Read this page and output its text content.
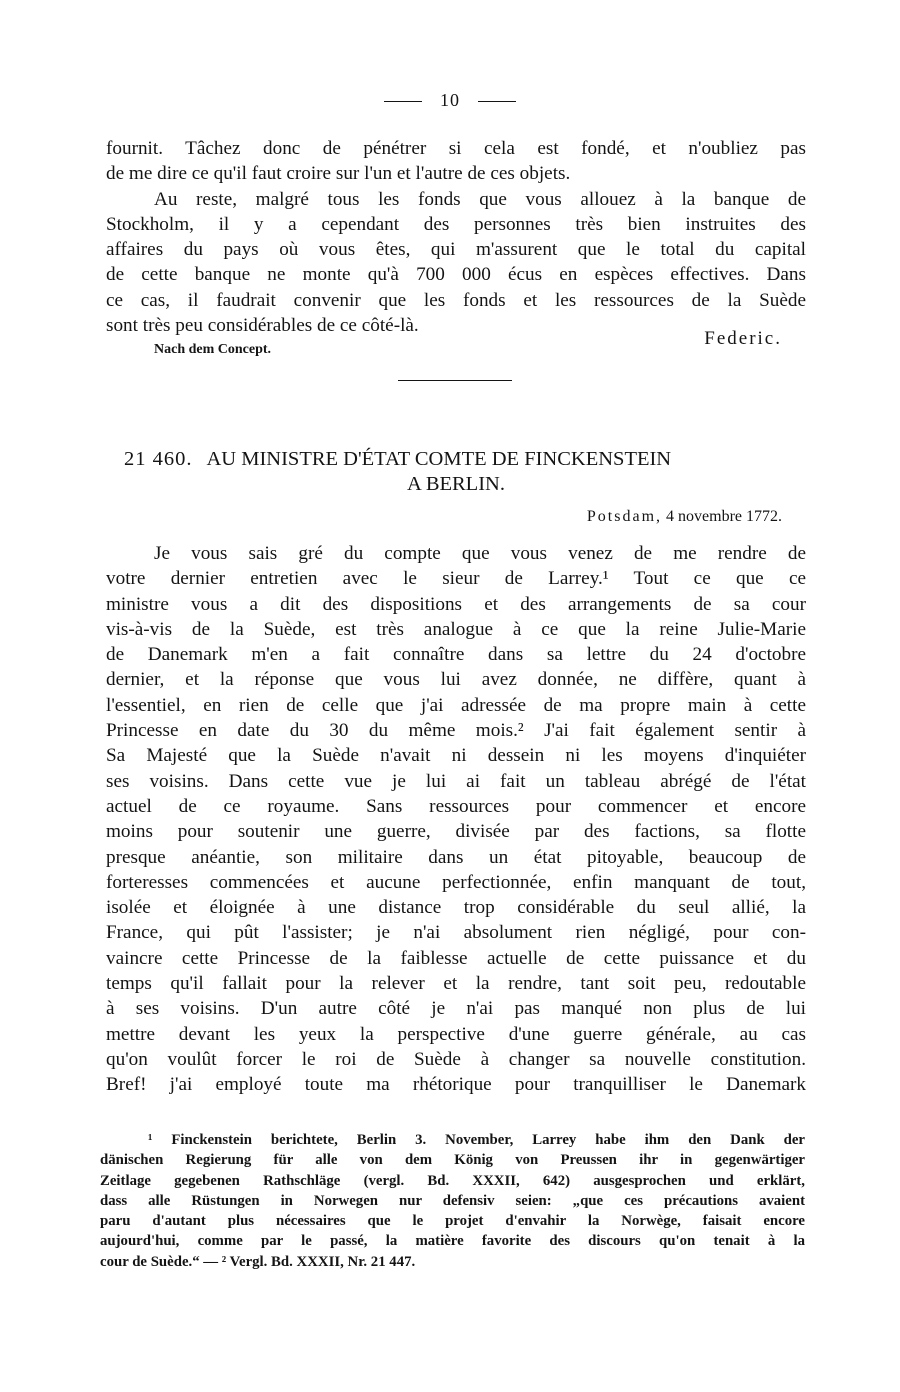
10
fournit. Tâchez donc de pénétrer si cela est fondé, et n'oubliez pas
de me dire ce qu'il faut croire sur l'un et l'autre de ces objets.
Au reste, malgré tous les fonds que vous allouez à la banque de
Stockholm, il y a cependant des personnes très bien instruites des
affaires du pays où vous êtes, qui m'assurent que le total du capital
de cette banque ne monte qu'à 700 000 écus en espèces effectives. Dans
ce cas, il faudrait convenir que les fonds et les ressources de la Suède
sont très peu considérables de ce côté-là.
Federic.
Nach dem Concept.
21 460. AU MINISTRE D'ÉTAT COMTE DE FINCKENSTEIN
A BERLIN.
Potsdam, 4 novembre 1772.
Je vous sais gré du compte que vous venez de me rendre de
votre dernier entretien avec le sieur de Larrey.¹ Tout ce que ce
ministre vous a dit des dispositions et des arrangements de sa cour
vis-à-vis de la Suède, est très analogue à ce que la reine Julie-Marie
de Danemark m'en a fait connaître dans sa lettre du 24 d'octobre
dernier, et la réponse que vous lui avez donnée, ne diffère, quant à
l'essentiel, en rien de celle que j'ai adressée de ma propre main à cette
Princesse en date du 30 du même mois.² J'ai fait également sentir à
Sa Majesté que la Suède n'avait ni dessein ni les moyens d'inquiéter
ses voisins. Dans cette vue je lui ai fait un tableau abrégé de l'état
actuel de ce royaume. Sans ressources pour commencer et encore
moins pour soutenir une guerre, divisée par des factions, sa flotte
presque anéantie, son militaire dans un état pitoyable, beaucoup de
forteresses commencées et aucune perfectionnée, enfin manquant de tout,
isolée et éloignée à une distance trop considérable du seul allié, la
France, qui pût l'assister; je n'ai absolument rien négligé, pour con-
vaincre cette Princesse de la faiblesse actuelle de cette puissance et du
temps qu'il fallait pour la relever et la rendre, tant soit peu, redoutable
à ses voisins. D'un autre côté je n'ai pas manqué non plus de lui
mettre devant les yeux la perspective d'une guerre générale, au cas
qu'on voulût forcer le roi de Suède à changer sa nouvelle constitution.
Bref! j'ai employé toute ma rhétorique pour tranquilliser le Danemark
¹ Finckenstein berichtete, Berlin 3. November, Larrey habe ihm den Dank der
dänischen Regierung für alle von dem König von Preussen ihr in gegenwärtiger
Zeitlage gegebenen Rathschläge (vergl. Bd. XXXII, 642) ausgesprochen und erklärt,
dass alle Rüstungen in Norwegen nur defensiv seien: „que ces précautions avaient
paru d'autant plus nécessaires que le projet d'envahir la Norwège, faisait encore
aujourd'hui, comme par le passé, la matière favorite des discours qu'on tenait à la
cour de Suède.“ — ² Vergl. Bd. XXXII, Nr. 21 447.
